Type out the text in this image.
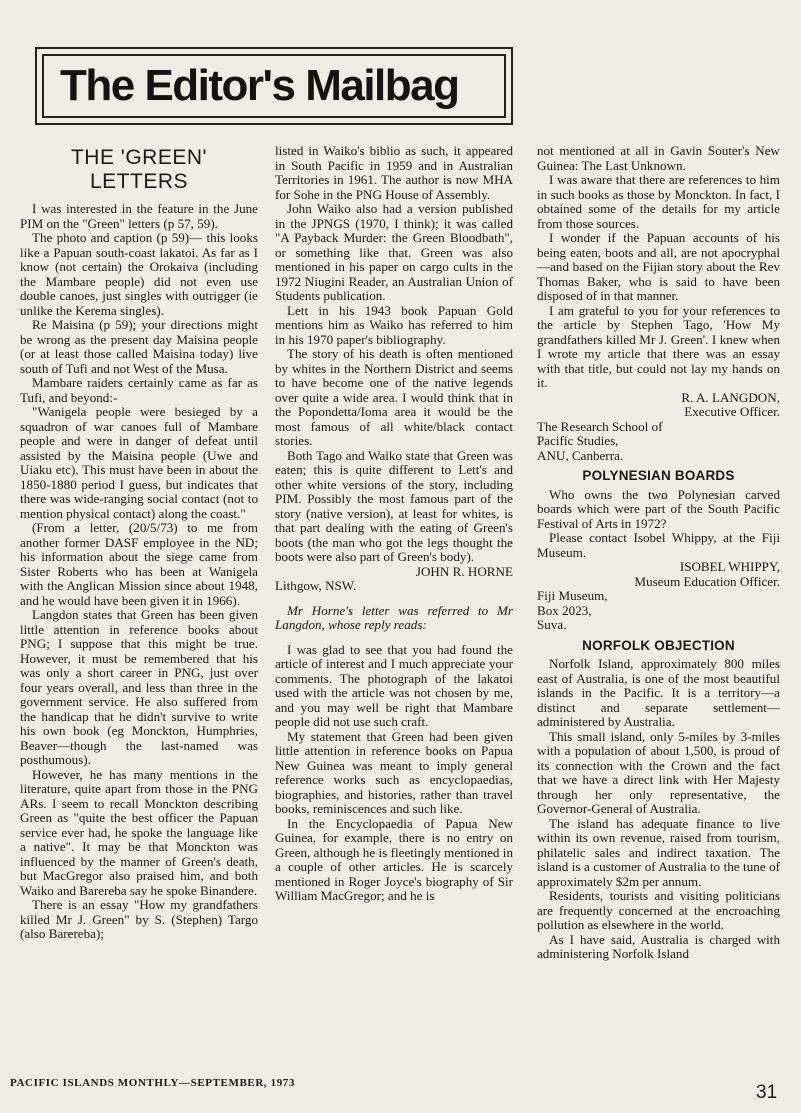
The Editor's Mailbag
THE 'GREEN' LETTERS

I was interested in the feature in the June PIM on the "Green" letters (p 57, 59).

The photo and caption (p 59)— this looks like a Papuan south-coast lakatoi. As far as I know (not certain) the Orokaiva (including the Mambare people) did not even use double canoes, just singles with outrigger (ie unlike the Kerema singles).

Re Maisina (p 59); your directions might be wrong as the present day Maisina people (or at least those called Maisina today) live south of Tufi and not West of the Musa.

Mambare raiders certainly came as far as Tufi, and beyond:-

"Wanigela people were besieged by a squadron of war canoes full of Mambare people and were in danger of defeat until assisted by the Maisina people (Uwe and Uiaku etc). This must have been in about the 1850-1880 period I guess, but indicates that there was wide-ranging social contact (not to mention physical contact) along the coast."

(From a letter, (20/5/73) to me from another former DASF employee in the ND; his information about the siege came from Sister Roberts who has been at Wanigela with the Anglican Mission since about 1948, and he would have been given it in 1966).

Langdon states that Green has been given little attention in reference books about PNG; I suppose that this might be true. However, it must be remembered that his was only a short career in PNG, just over four years overall, and less than three in the government service. He also suffered from the handicap that he didn't survive to write his own book (eg Monckton, Humphries, Beaver—though the last-named was posthumous).

However, he has many mentions in the literature, quite apart from those in the PNG ARs. I seem to recall Monckton describing Green as "quite the best officer the Papuan service ever had, he spoke the language like a native". It may be that Monckton was influenced by the manner of Green's death, but MacGregor also praised him, and both Waiko and Barereba say he spoke Binandere.

There is an essay "How my grandfathers killed Mr J. Green" by S. (Stephen) Targo (also Barereba);

listed in Waiko's biblio as such, it appeared in South Pacific in 1959 and in Australian Territories in 1961. The author is now MHA for Sohe in the PNG House of Assembly.

John Waiko also had a version published in the JPNGS (1970, I think); it was called "A Payback Murder: the Green Bloodbath", or something like that. Green was also mentioned in his paper on cargo cults in the 1972 Niugini Reader, an Australian Union of Students publication.

Lett in his 1943 book Papuan Gold mentions him as Waiko has referred to him in his 1970 paper's bibliography.

The story of his death is often mentioned by whites in the Northern District and seems to have become one of the native legends over quite a wide area. I would think that in the Popondetta/Ioma area it would be the most famous of all white/black contact stories.

Both Tago and Waiko state that Green was eaten; this is quite different to Lett's and other white versions of the story, including PIM. Possibly the most famous part of the story (native version), at least for whites, is that part dealing with the eating of Green's boots (the man who got the legs thought the boots were also part of Green's body).

JOHN R. HORNE

Lithgow, NSW.

Mr Horne's letter was referred to Mr Langdon, whose reply reads:

I was glad to see that you had found the article of interest and I much appreciate your comments. The photograph of the lakatoi used with the article was not chosen by me, and you may well be right that Mambare people did not use such craft.

My statement that Green had been given little attention in reference books on Papua New Guinea was meant to imply general reference works such as encyclopaedias, biographies, and histories, rather than travel books, reminiscences and such like.

In the Encyclopaedia of Papua New Guinea, for example, there is no entry on Green, although he is fleetingly mentioned in a couple of other articles. He is scarcely mentioned in Roger Joyce's biography of Sir William MacGregor; and he is

not mentioned at all in Gavin Souter's New Guinea: The Last Unknown.

I was aware that there are references to him in such books as those by Monckton. In fact, I obtained some of the details for my article from those sources.

I wonder if the Papuan accounts of his being eaten, boots and all, are not apocryphal—and based on the Fijian story about the Rev Thomas Baker, who is said to have been disposed of in that manner.

I am grateful to you for your references to the article by Stephen Tago, 'How My grandfathers killed Mr J. Green'. I knew when I wrote my article that there was an essay with that title, but could not lay my hands on it.

R. A. LANGDON,

Executive Officer.

The Research School of

Pacific Studies,

ANU, Canberra.

POLYNESIAN BOARDS

Who owns the two Polynesian carved boards which were part of the South Pacific Festival of Arts in 1972?

Please contact Isobel Whippy, at the Fiji Museum.

ISOBEL WHIPPY,

Museum Education Officer.

Fiji Museum,

Box 2023,

Suva.

NORFOLK OBJECTION

Norfolk Island, approximately 800 miles east of Australia, is one of the most beautiful islands in the Pacific. It is a territory—a distinct and separate settlement—administered by Australia.

This small island, only 5-miles by 3-miles with a population of about 1,500, is proud of its connection with the Crown and the fact that we have a direct link with Her Majesty through her only representative, the Governor-General of Australia.

The island has adequate finance to live within its own revenue, raised from tourism, philatelic sales and indirect taxation. The island is a customer of Australia to the tune of approximately $2m per annum.

Residents, tourists and visiting politicians are frequently concerned at the encroaching pollution as elsewhere in the world.

As I have said, Australia is charged with administering Norfolk Island

PACIFIC ISLANDS MONTHLY—SEPTEMBER, 1973	31
